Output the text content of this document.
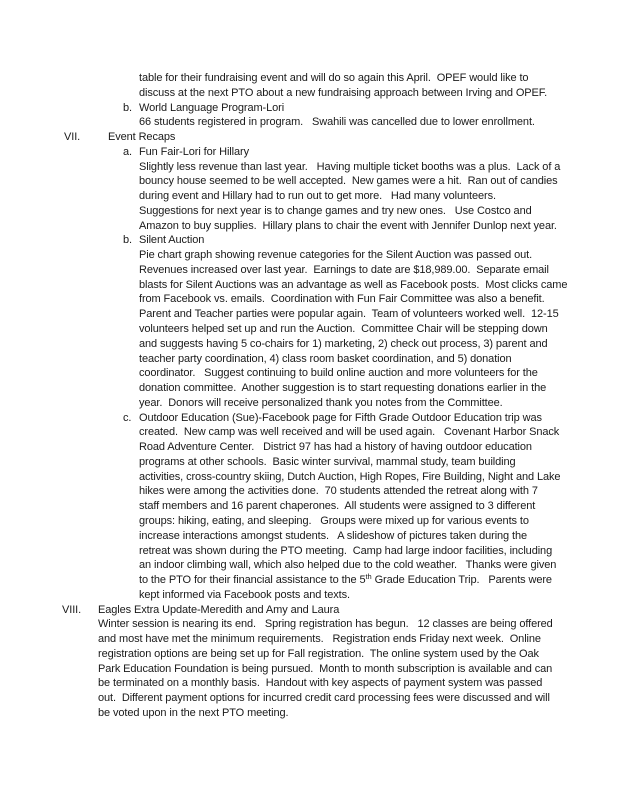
table for their fundraising event and will do so again this April.  OPEF would like to
discuss at the next PTO about a new fundraising approach between Irving and OPEF.
b. World Language Program-Lori
66 students registered in program.   Swahili was cancelled due to lower enrollment.
VII.	Event Recaps
a. Fun Fair-Lori for Hillary
Slightly less revenue than last year.   Having multiple ticket booths was a plus.  Lack of a
bouncy house seemed to be well accepted.  New games were a hit.  Ran out of candies
during event and Hillary had to run out to get more.   Had many volunteers.
Suggestions for next year is to change games and try new ones.   Use Costco and
Amazon to buy supplies.  Hillary plans to chair the event with Jennifer Dunlop next year.
b. Silent Auction
Pie chart graph showing revenue categories for the Silent Auction was passed out.
Revenues increased over last year.  Earnings to date are $18,989.00.  Separate email
blasts for Silent Auctions was an advantage as well as Facebook posts.  Most clicks came
from Facebook vs. emails.  Coordination with Fun Fair Committee was also a benefit.
Parent and Teacher parties were popular again.  Team of volunteers worked well.  12-15
volunteers helped set up and run the Auction.  Committee Chair will be stepping down
and suggests having 5 co-chairs for 1) marketing, 2) check out process, 3) parent and
teacher party coordination, 4) class room basket coordination, and 5) donation
coordinator.   Suggest continuing to build online auction and more volunteers for the
donation committee.  Another suggestion is to start requesting donations earlier in the
year.  Donors will receive personalized thank you notes from the Committee.
c. Outdoor Education (Sue)-Facebook page for Fifth Grade Outdoor Education trip was
created.  New camp was well received and will be used again.   Covenant Harbor Snack
Road Adventure Center.   District 97 has had a history of having outdoor education
programs at other schools.  Basic winter survival, mammal study, team building
activities, cross-country skiing, Dutch Auction, High Ropes, Fire Building, Night and Lake
hikes were among the activities done.  70 students attended the retreat along with 7
staff members and 16 parent chaperones.  All students were assigned to 3 different
groups: hiking, eating, and sleeping.   Groups were mixed up for various events to
increase interactions amongst students.   A slideshow of pictures taken during the
retreat was shown during the PTO meeting.  Camp had large indoor facilities, including
an indoor climbing wall, which also helped due to the cold weather.   Thanks were given
to the PTO for their financial assistance to the 5th Grade Education Trip.   Parents were
kept informed via Facebook posts and texts.
VIII. Eagles Extra Update-Meredith and Amy and Laura
Winter session is nearing its end.   Spring registration has begun.   12 classes are being offered
and most have met the minimum requirements.   Registration ends Friday next week.  Online
registration options are being set up for Fall registration.  The online system used by the Oak
Park Education Foundation is being pursued.  Month to month subscription is available and can
be terminated on a monthly basis.  Handout with key aspects of payment system was passed
out.  Different payment options for incurred credit card processing fees were discussed and will
be voted upon in the next PTO meeting.
